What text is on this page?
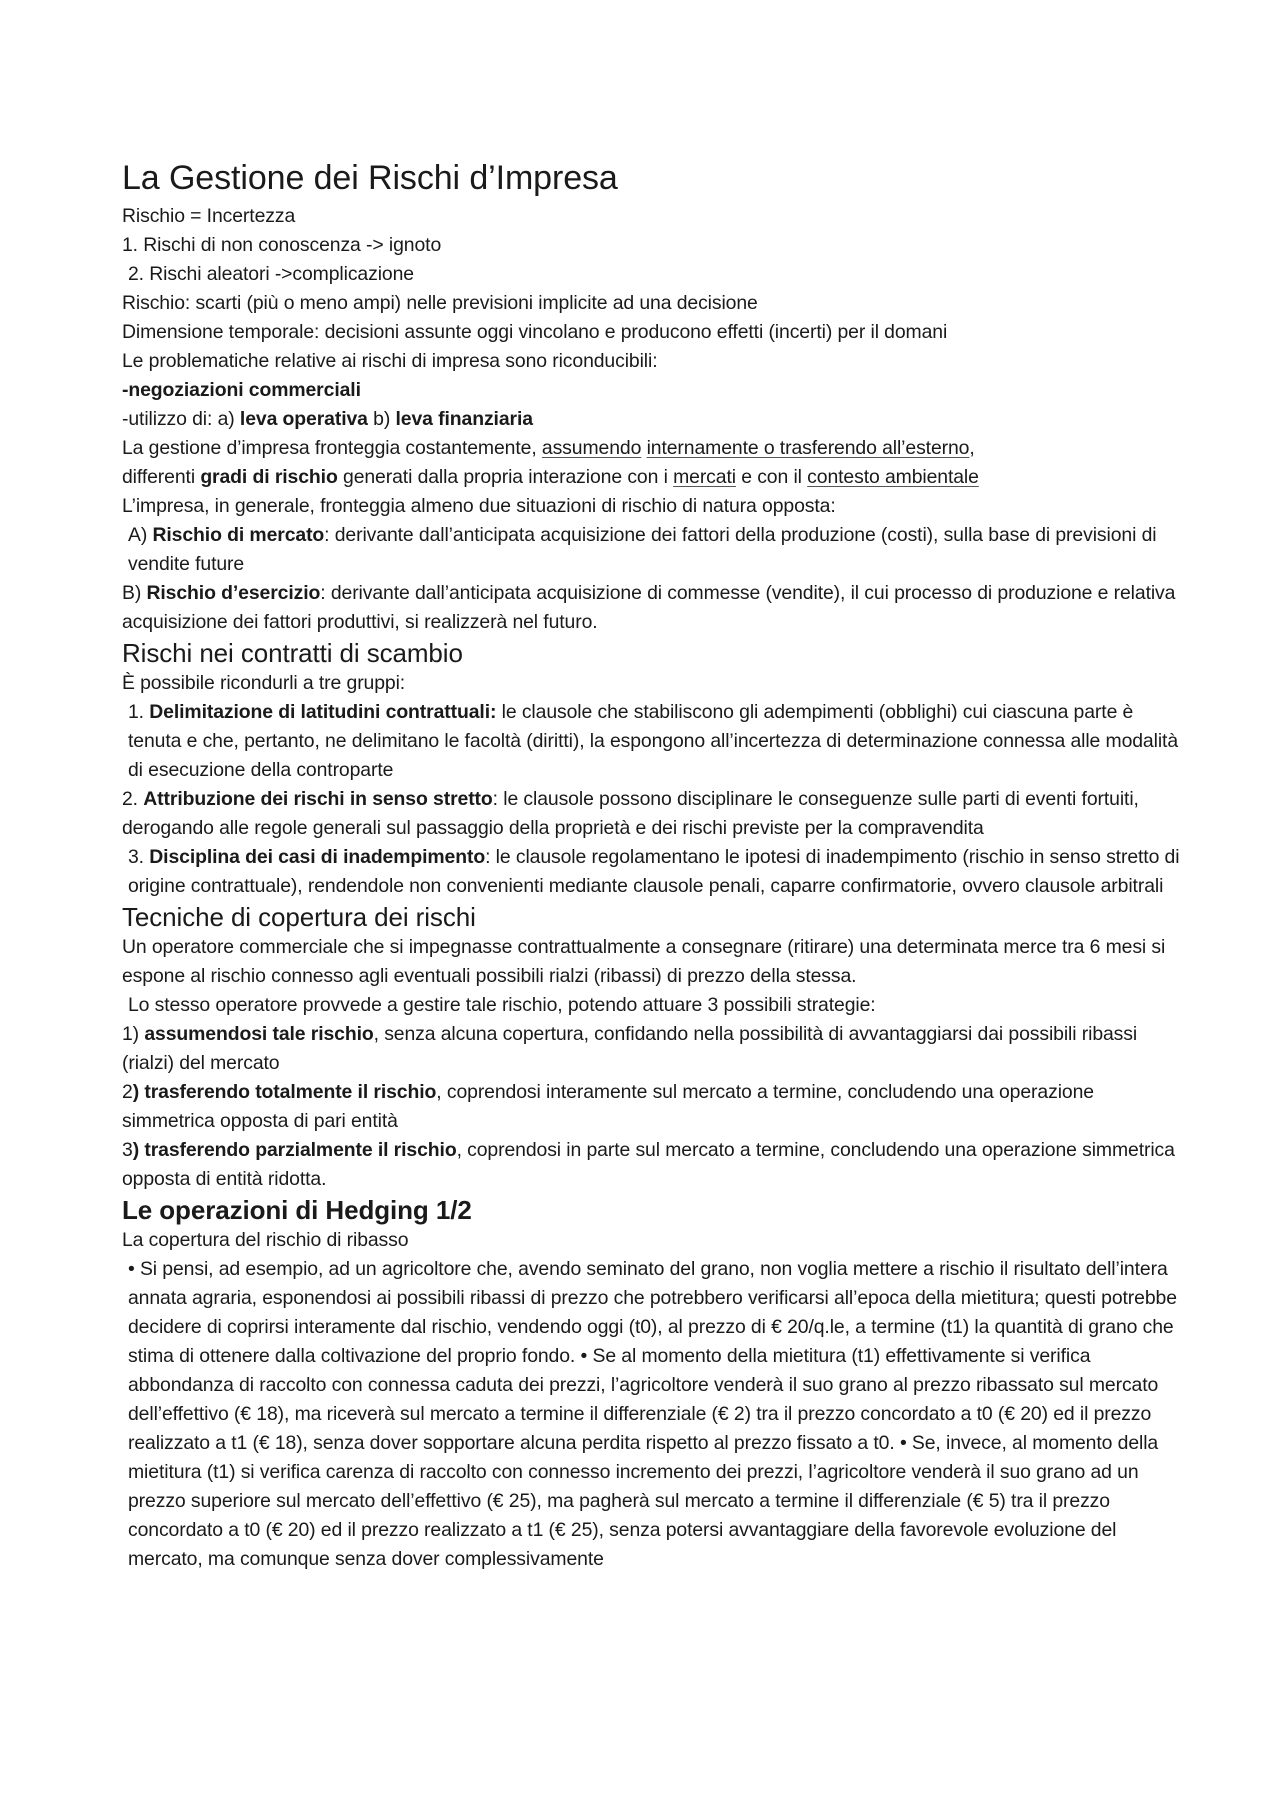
La Gestione dei Rischi d’Impresa

Rischio = Incertezza

1. Rischi di non conoscenza -> ignoto

2. Rischi aleatori ->complicazione

Rischio: scarti (più o meno ampi) nelle previsioni implicite ad una decisione

Dimensione temporale: decisioni assunte oggi vincolano e producono effetti (incerti) per il domani

Le problematiche relative ai rischi di impresa sono riconducibili:

-negoziazioni commerciali

-utilizzo di: a) leva operativa b) leva finanziaria

La gestione d’impresa fronteggia costantemente, assumendo internamente o trasferendo all’esterno,
differenti gradi di rischio generati dalla propria interazione con i mercati e con il contesto ambientale

L’impresa, in generale, fronteggia almeno due situazioni di rischio di natura opposta:

A) Rischio di mercato: derivante dall’anticipata acquisizione dei fattori della produzione (costi), sulla base di previsioni di vendite future

B) Rischio d’esercizio: derivante dall’anticipata acquisizione di commesse (vendite), il cui processo di produzione e relativa acquisizione dei fattori produttivi, si realizzerà nel futuro.

Rischi nei contratti di scambio

È possibile ricondurli a tre gruppi:

1. Delimitazione di latitudini contrattuali: le clausole che stabiliscono gli adempimenti (obblighi) cui ciascuna parte è tenuta e che, pertanto, ne delimitano le facoltà (diritti), la espongono all’incertezza di determinazione connessa alle modalità di esecuzione della controparte

2. Attribuzione dei rischi in senso stretto: le clausole possono disciplinare le conseguenze sulle parti di eventi fortuiti, derogando alle regole generali sul passaggio della proprietà e dei rischi previste per la compravendita

3. Disciplina dei casi di inadempimento: le clausole regolamentano le ipotesi di inadempimento (rischio in senso stretto di origine contrattuale), rendendole non convenienti mediante clausole penali, caparre confirmatorie, ovvero clausole arbitrali

Tecniche di copertura dei rischi

Un operatore commerciale che si impegnasse contrattualmente a consegnare (ritirare) una determinata merce tra 6 mesi si espone al rischio connesso agli eventuali possibili rialzi (ribassi) di prezzo della stessa.

Lo stesso operatore provvede a gestire tale rischio, potendo attuare 3 possibili strategie:

1) assumendosi tale rischio, senza alcuna copertura, confidando nella possibilità di avvantaggiarsi dai possibili ribassi (rialzi) del mercato

2) trasferendo totalmente il rischio, coprendosi interamente sul mercato a termine, concludendo una operazione simmetrica opposta di pari entità

3) trasferendo parzialmente il rischio, coprendosi in parte sul mercato a termine, concludendo una operazione simmetrica opposta di entità ridotta.

Le operazioni di Hedging 1/2

La copertura del rischio di ribasso

• Si pensi, ad esempio, ad un agricoltore che, avendo seminato del grano, non voglia mettere a rischio il risultato dell’intera annata agraria, esponendosi ai possibili ribassi di prezzo che potrebbero verificarsi all’epoca della mietitura; questi potrebbe decidere di coprirsi interamente dal rischio, vendendo oggi (t0), al prezzo di € 20/q.le, a termine (t1) la quantità di grano che stima di ottenere dalla coltivazione del proprio fondo. • Se al momento della mietitura (t1) effettivamente si verifica abbondanza di raccolto con connessa caduta dei prezzi, l’agricoltore venderà il suo grano al prezzo ribassato sul mercato dell’effettivo (€ 18), ma riceverà sul mercato a termine il differenziale (€ 2) tra il prezzo concordato a t0 (€ 20) ed il prezzo realizzato a t1 (€ 18), senza dover sopportare alcuna perdita rispetto al prezzo fissato a t0. • Se, invece, al momento della mietitura (t1) si verifica carenza di raccolto con connesso incremento dei prezzi, l’agricoltore venderà il suo grano ad un prezzo superiore sul mercato dell’effettivo (€ 25), ma pagherà sul mercato a termine il differenziale (€ 5) tra il prezzo concordato a t0 (€ 20) ed il prezzo realizzato a t1 (€ 25), senza potersi avvantaggiare della favorevole evoluzione del mercato, ma comunque senza dover complessivamente
